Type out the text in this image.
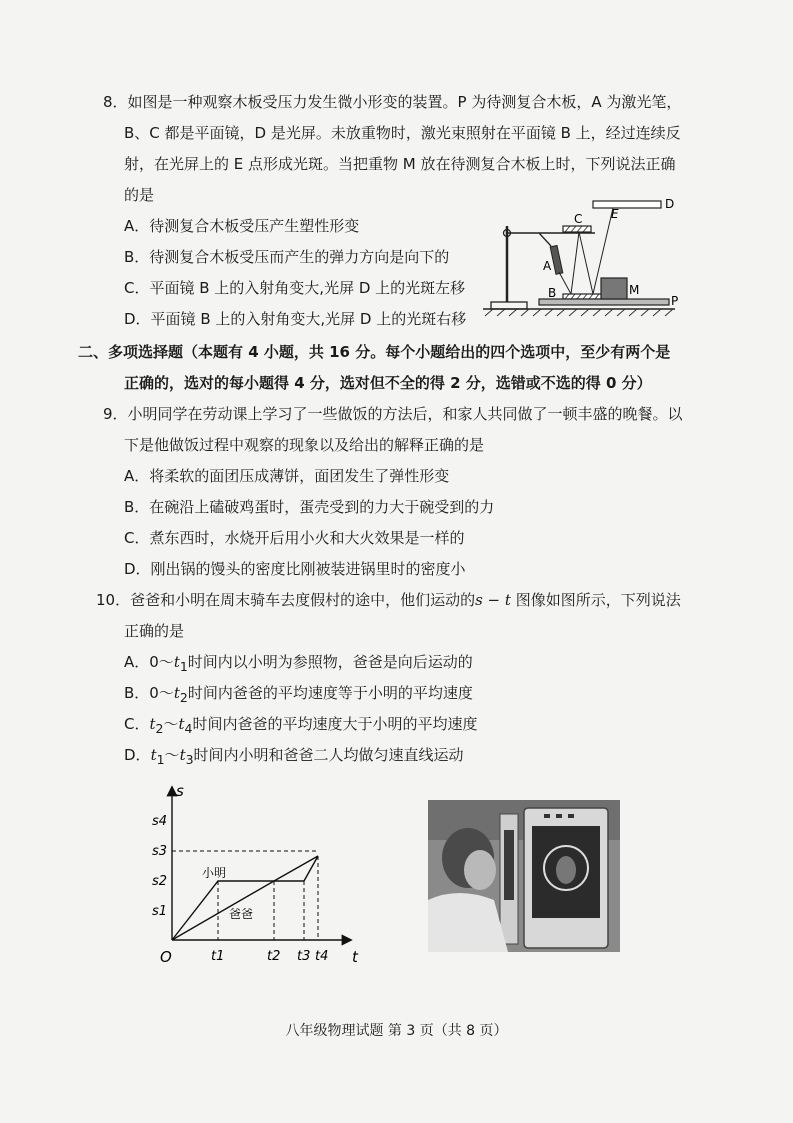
8．如图是一种观察木板受压力发生微小形变的装置。P 为待测复合木板，A 为激光笔，
B、C 都是平面镜，D 是光屏。未放重物时，激光束照射在平面镜 B 上，经过连续反
射，在光屏上的 E 点形成光斑。当把重物 M 放在待测复合木板上时，下列说法正确
的是
A．待测复合木板受压产生塑性形变
B．待测复合木板受压而产生的弹力方向是向下的
C．平面镜 B 上的入射角变大,光屏 D 上的光斑左移
D．平面镜 B 上的入射角变大,光屏 D 上的光斑右移
C
D
E
A
B	M
P
二、多项选择题（本题有 4 小题，共 16 分。每个小题给出的四个选项中，至少有两个是
正确的，选对的每小题得 4 分，选对但不全的得 2 分，选错或不选的得 0 分）
9．小明同学在劳动课上学习了一些做饭的方法后，和家人共同做了一顿丰盛的晚餐。以
下是他做饭过程中观察的现象以及给出的解释正确的是
A．将柔软的面团压成薄饼，面团发生了弹性形变
B．在碗沿上磕破鸡蛋时，蛋壳受到的力大于碗受到的力
C．煮东西时，水烧开后用小火和大火效果是一样的
D．刚出锅的馒头的密度比刚被装进锅里时的密度小
10．爸爸和小明在周末骑车去度假村的途中，他们运动的s − t 图像如图所示，下列说法
正确的是
A．$0\sim t_1$时间内以小明为参照物，爸爸是向后运动的
B．$0\sim t_2$时间内爸爸的平均速度等于小明的平均速度
C．$t_2\sim t_4$时间内爸爸的平均速度大于小明的平均速度
D．$t_1\sim t_3$时间内小明和爸爸二人均做匀速直线运动
s
t
O
s4
s3
s2
s1
t1	t2 t3 t4
小明
爸爸
八年级物理试题 第 3 页（共 8 页）
